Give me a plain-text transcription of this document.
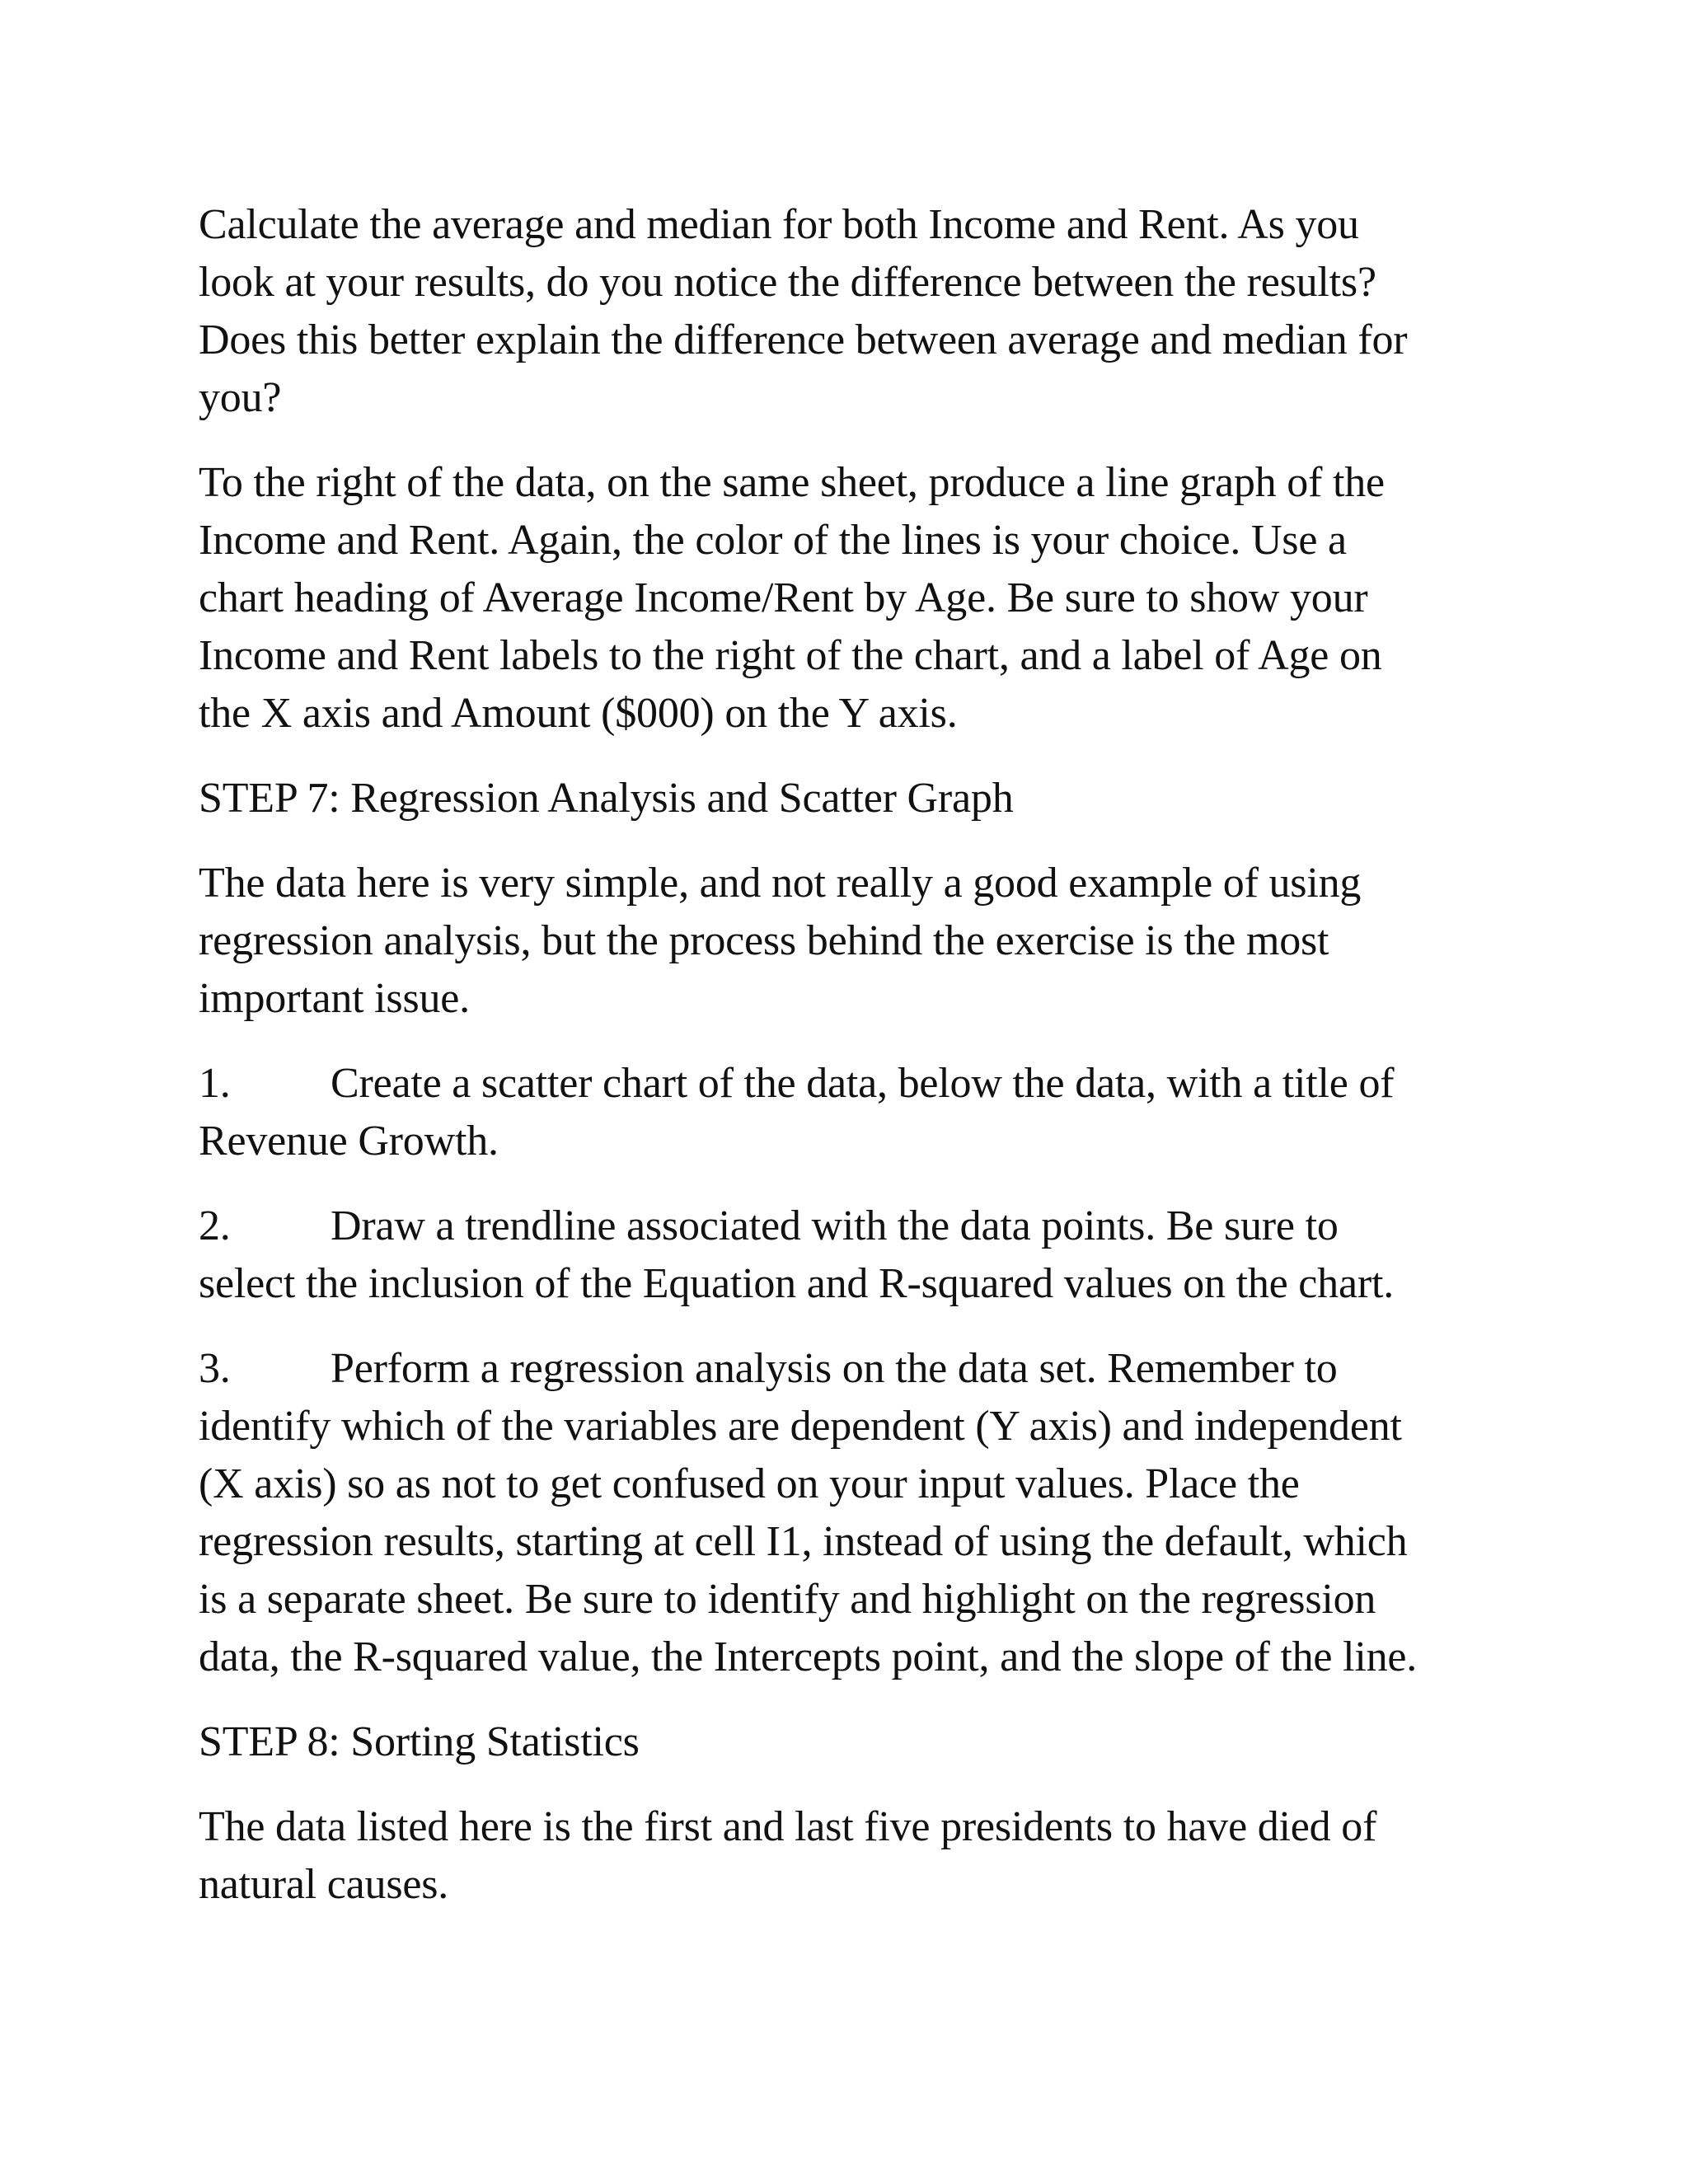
Calculate the average and median for both Income and Rent. As you
look at your results, do you notice the difference between the results?
Does this better explain the difference between average and median for
you?

To the right of the data, on the same sheet, produce a line graph of the
Income and Rent. Again, the color of the lines is your choice. Use a
chart heading of Average Income/Rent by Age. Be sure to show your
Income and Rent labels to the right of the chart, and a label of Age on
the X axis and Amount ($000) on the Y axis.

STEP 7: Regression Analysis and Scatter Graph

The data here is very simple, and not really a good example of using
regression analysis, but the process behind the exercise is the most
important issue.

1. Create a scatter chart of the data, below the data, with a title of
Revenue Growth.

2. Draw a trendline associated with the data points. Be sure to
select the inclusion of the Equation and R-squared values on the chart.

3. Perform a regression analysis on the data set. Remember to
identify which of the variables are dependent (Y axis) and independent
(X axis) so as not to get confused on your input values. Place the
regression results, starting at cell I1, instead of using the default, which
is a separate sheet. Be sure to identify and highlight on the regression
data, the R-squared value, the Intercepts point, and the slope of the line.

STEP 8: Sorting Statistics

The data listed here is the first and last five presidents to have died of
natural causes.
